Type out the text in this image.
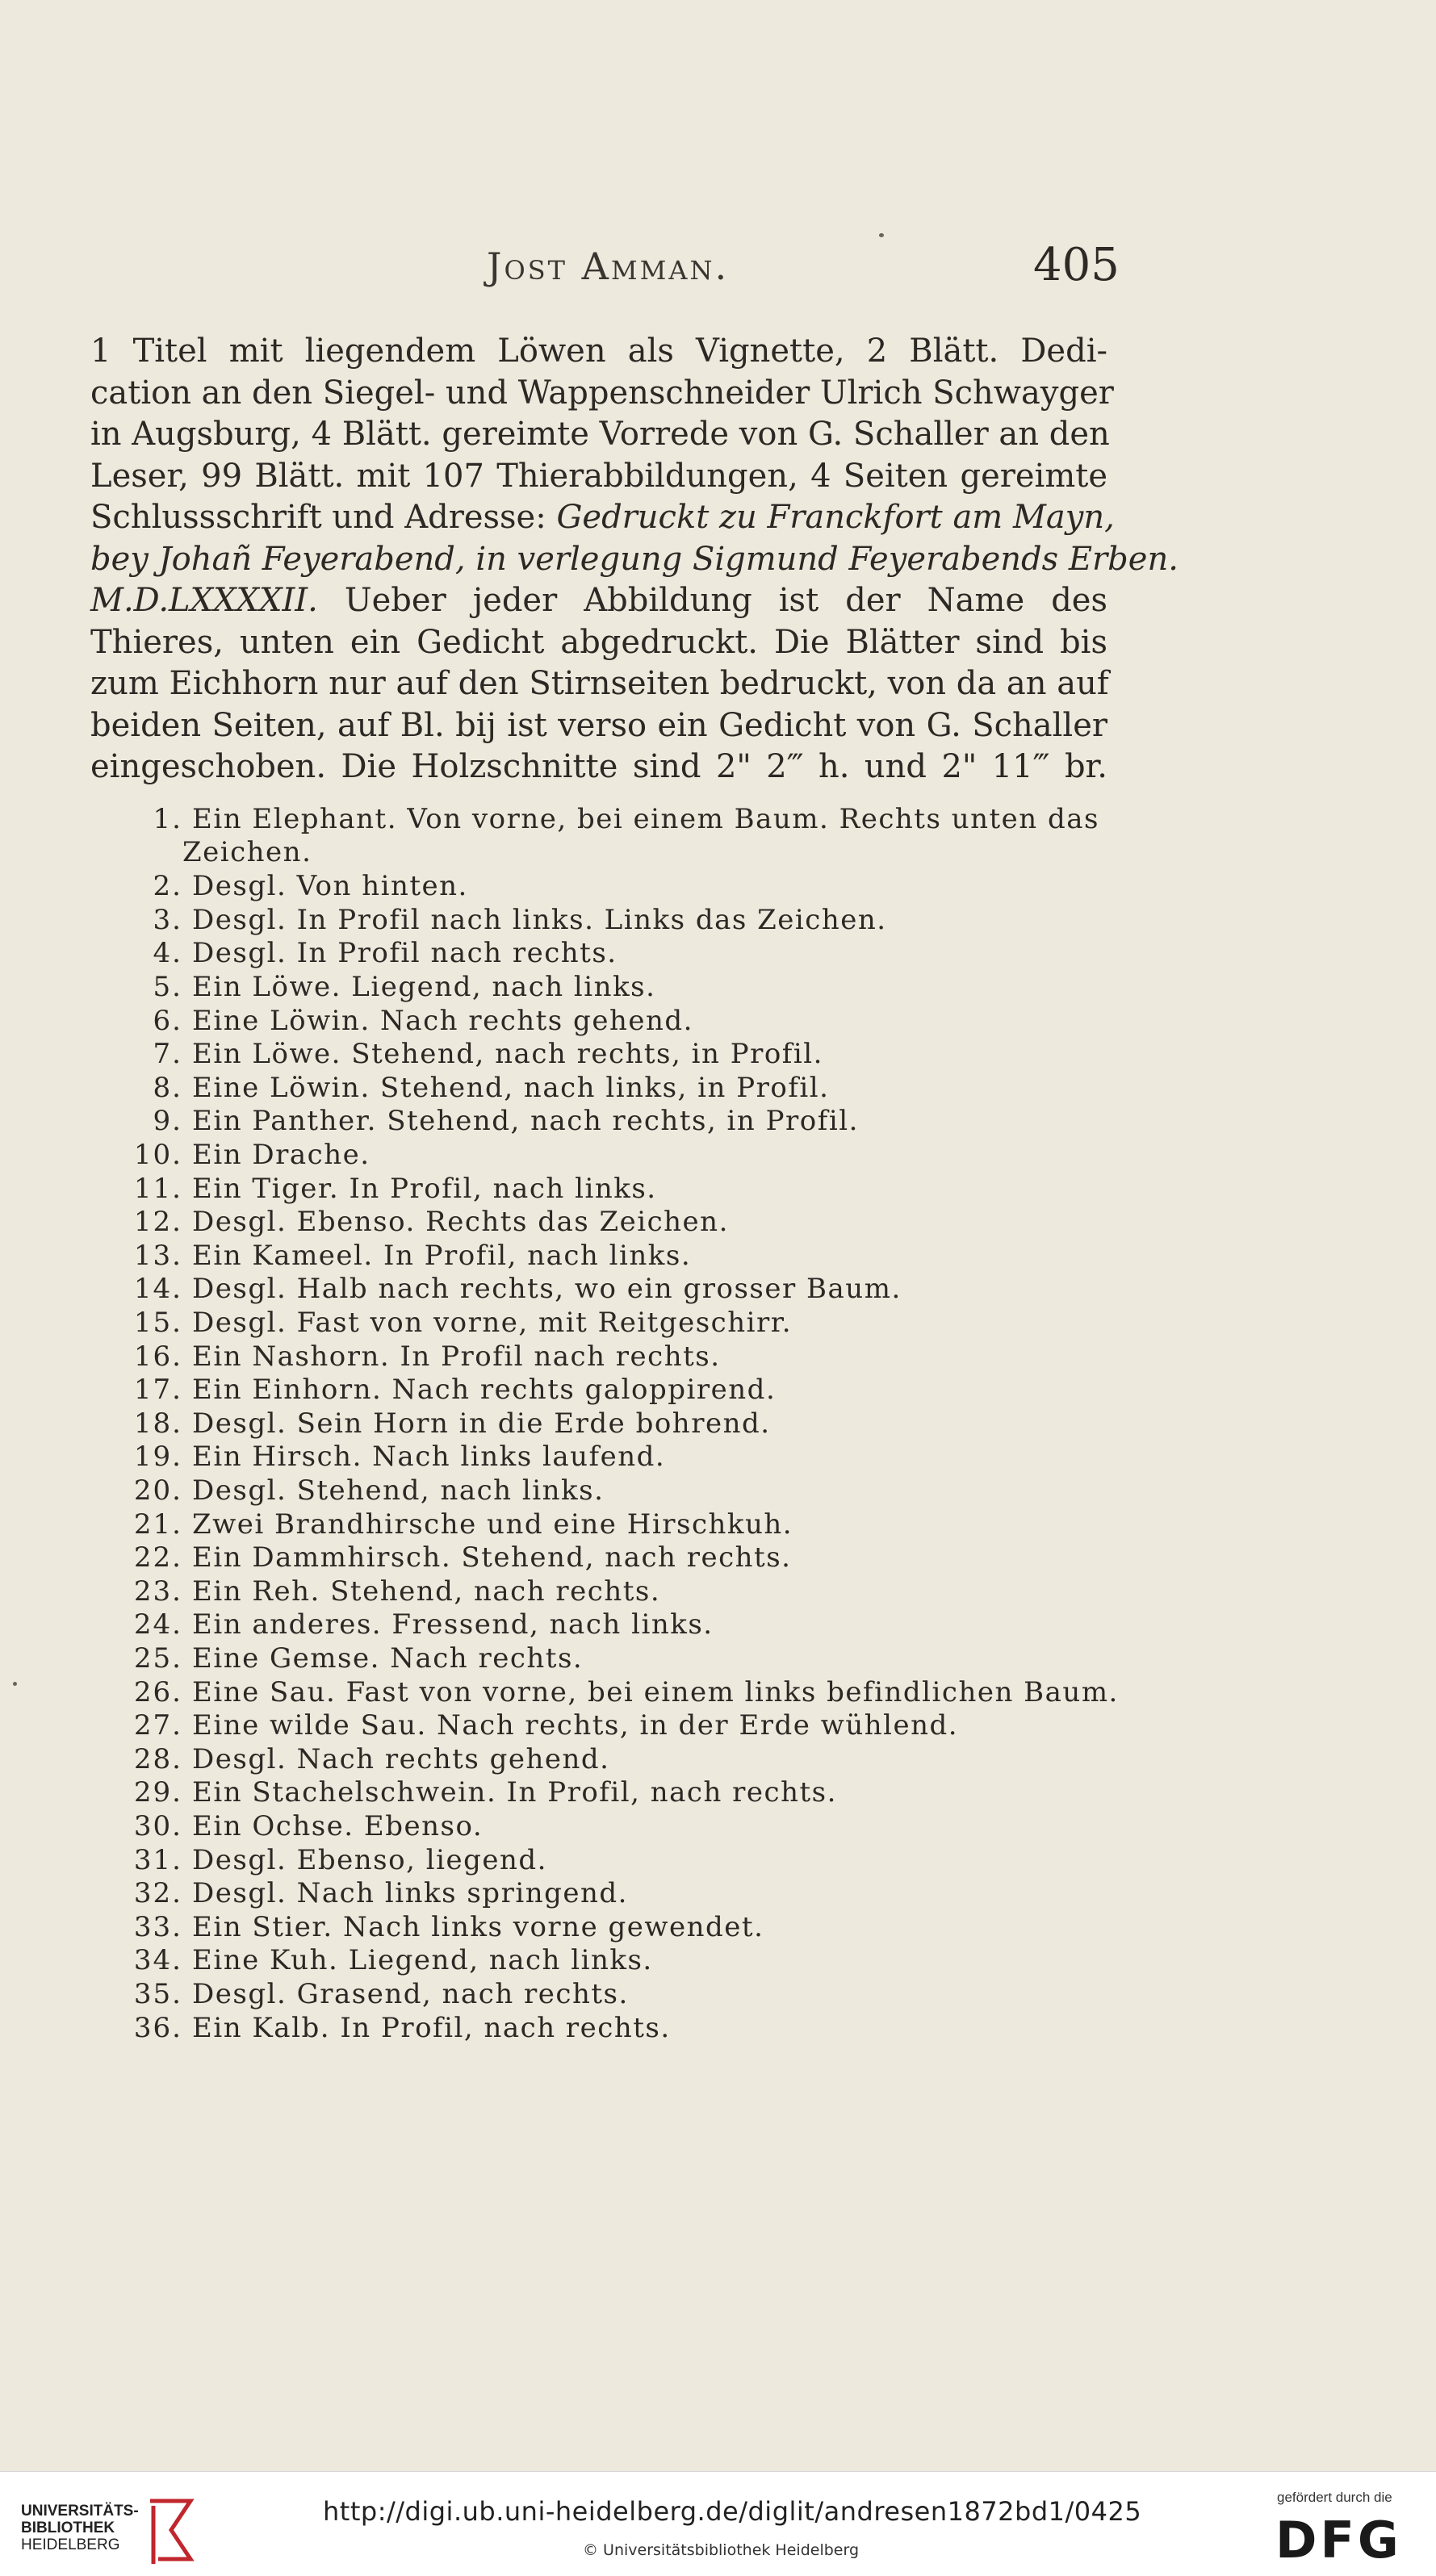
Jost Amman.	405
1 Titel mit liegendem Löwen als Vignette, 2 Blätt. Dedi-
cation an den Siegel- und Wappenschneider Ulrich Schwayger
in Augsburg, 4 Blätt. gereimte Vorrede von G. Schaller an den
Leser, 99 Blätt. mit 107 Thierabbildungen, 4 Seiten gereimte
Schlussschrift und Adresse: Gedruckt zu Franckfort am Mayn,
bey Johañ Feyerabend, in verlegung Sigmund Feyerabends Erben.
M.D.LXXXXII. Ueber jeder Abbildung ist der Name des
Thieres, unten ein Gedicht abgedruckt. Die Blätter sind bis
zum Eichhorn nur auf den Stirnseiten bedruckt, von da an auf
beiden Seiten, auf Bl. bij ist verso ein Gedicht von G. Schaller
eingeschoben. Die Holzschnitte sind 2" 2‴ h. und 2" 11‴ br.
1. Ein Elephant. Von vorne, bei einem Baum. Rechts unten das
Zeichen.
2. Desgl. Von hinten.
3. Desgl. In Profil nach links. Links das Zeichen.
4. Desgl. In Profil nach rechts.
5. Ein Löwe. Liegend, nach links.
6. Eine Löwin. Nach rechts gehend.
7. Ein Löwe. Stehend, nach rechts, in Profil.
8. Eine Löwin. Stehend, nach links, in Profil.
9. Ein Panther. Stehend, nach rechts, in Profil.
10. Ein Drache.
11. Ein Tiger. In Profil, nach links.
12. Desgl. Ebenso. Rechts das Zeichen.
13. Ein Kameel. In Profil, nach links.
14. Desgl. Halb nach rechts, wo ein grosser Baum.
15. Desgl. Fast von vorne, mit Reitgeschirr.
16. Ein Nashorn. In Profil nach rechts.
17. Ein Einhorn. Nach rechts galoppirend.
18. Desgl. Sein Horn in die Erde bohrend.
19. Ein Hirsch. Nach links laufend.
20. Desgl. Stehend, nach links.
21. Zwei Brandhirsche und eine Hirschkuh.
22. Ein Dammhirsch. Stehend, nach rechts.
23. Ein Reh. Stehend, nach rechts.
24. Ein anderes. Fressend, nach links.
25. Eine Gemse. Nach rechts.
26. Eine Sau. Fast von vorne, bei einem links befindlichen Baum.
27. Eine wilde Sau. Nach rechts, in der Erde wühlend.
28. Desgl. Nach rechts gehend.
29. Ein Stachelschwein. In Profil, nach rechts.
30. Ein Ochse. Ebenso.
31. Desgl. Ebenso, liegend.
32. Desgl. Nach links springend.
33. Ein Stier. Nach links vorne gewendet.
34. Eine Kuh. Liegend, nach links.
35. Desgl. Grasend, nach rechts.
36. Ein Kalb. In Profil, nach rechts.
UNIVERSITÄTS-
BIBLIOTHEK
HEIDELBERG
http://digi.ub.uni-heidelberg.de/diglit/andresen1872bd1/0425
© Universitätsbibliothek Heidelberg
gefördert durch die
DFG
